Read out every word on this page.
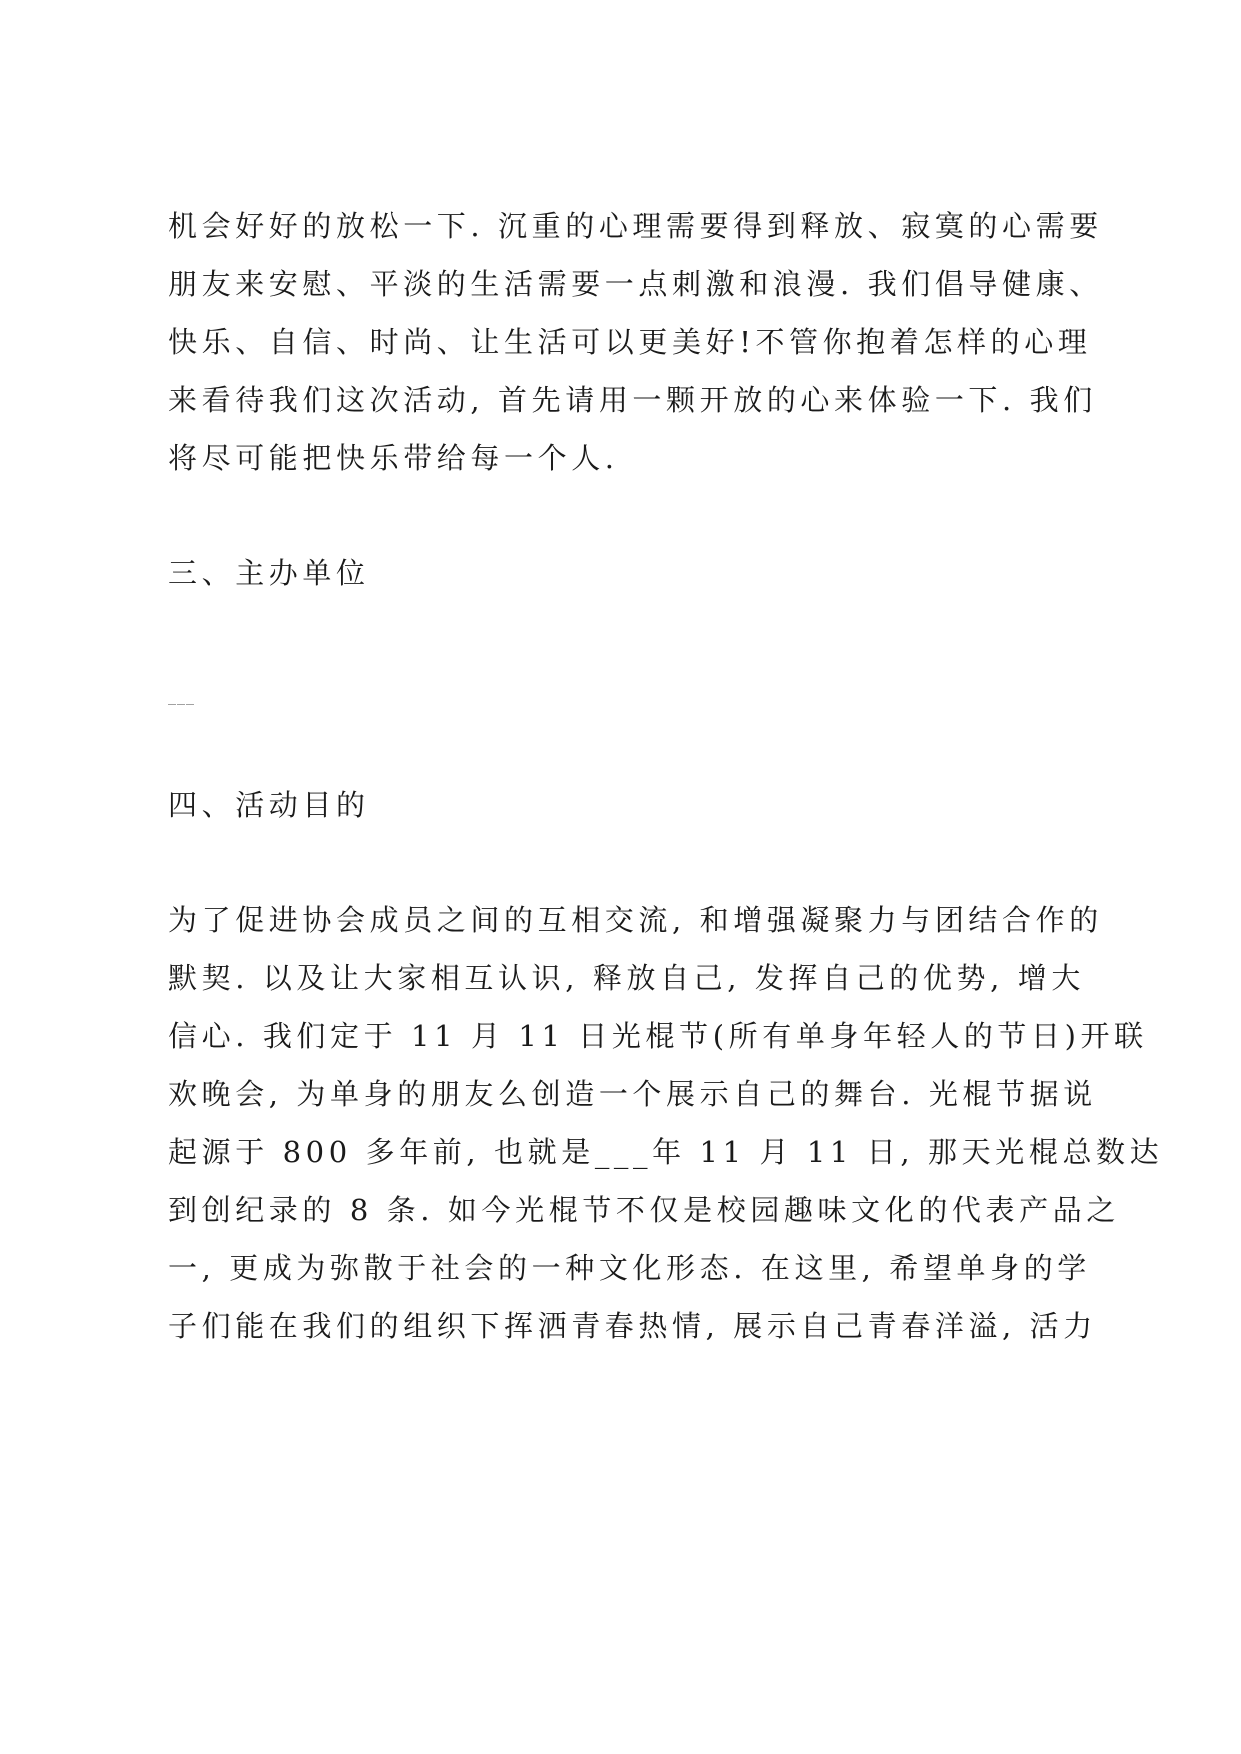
机会好好的放松一下. 沉重的心理需要得到释放、寂寞的心需要
朋友来安慰、平淡的生活需要一点刺激和浪漫. 我们倡导健康、
快乐、自信、时尚、让生活可以更美好!不管你抱着怎样的心理
来看待我们这次活动, 首先请用一颗开放的心来体验一下. 我们
将尽可能把快乐带给每一个人.
三、主办单位
___
四、活动目的
为了促进协会成员之间的互相交流, 和增强凝聚力与团结合作的
默契. 以及让大家相互认识, 释放自己, 发挥自己的优势, 增大
信心. 我们定于 11 月 11 日光棍节(所有单身年轻人的节日)开联
欢晚会, 为单身的朋友么创造一个展示自己的舞台. 光棍节据说
起源于 800 多年前, 也就是___年 11 月 11 日, 那天光棍总数达
到创纪录的 8 条. 如今光棍节不仅是校园趣味文化的代表产品之
一, 更成为弥散于社会的一种文化形态. 在这里, 希望单身的学
子们能在我们的组织下挥洒青春热情, 展示自己青春洋溢, 活力
